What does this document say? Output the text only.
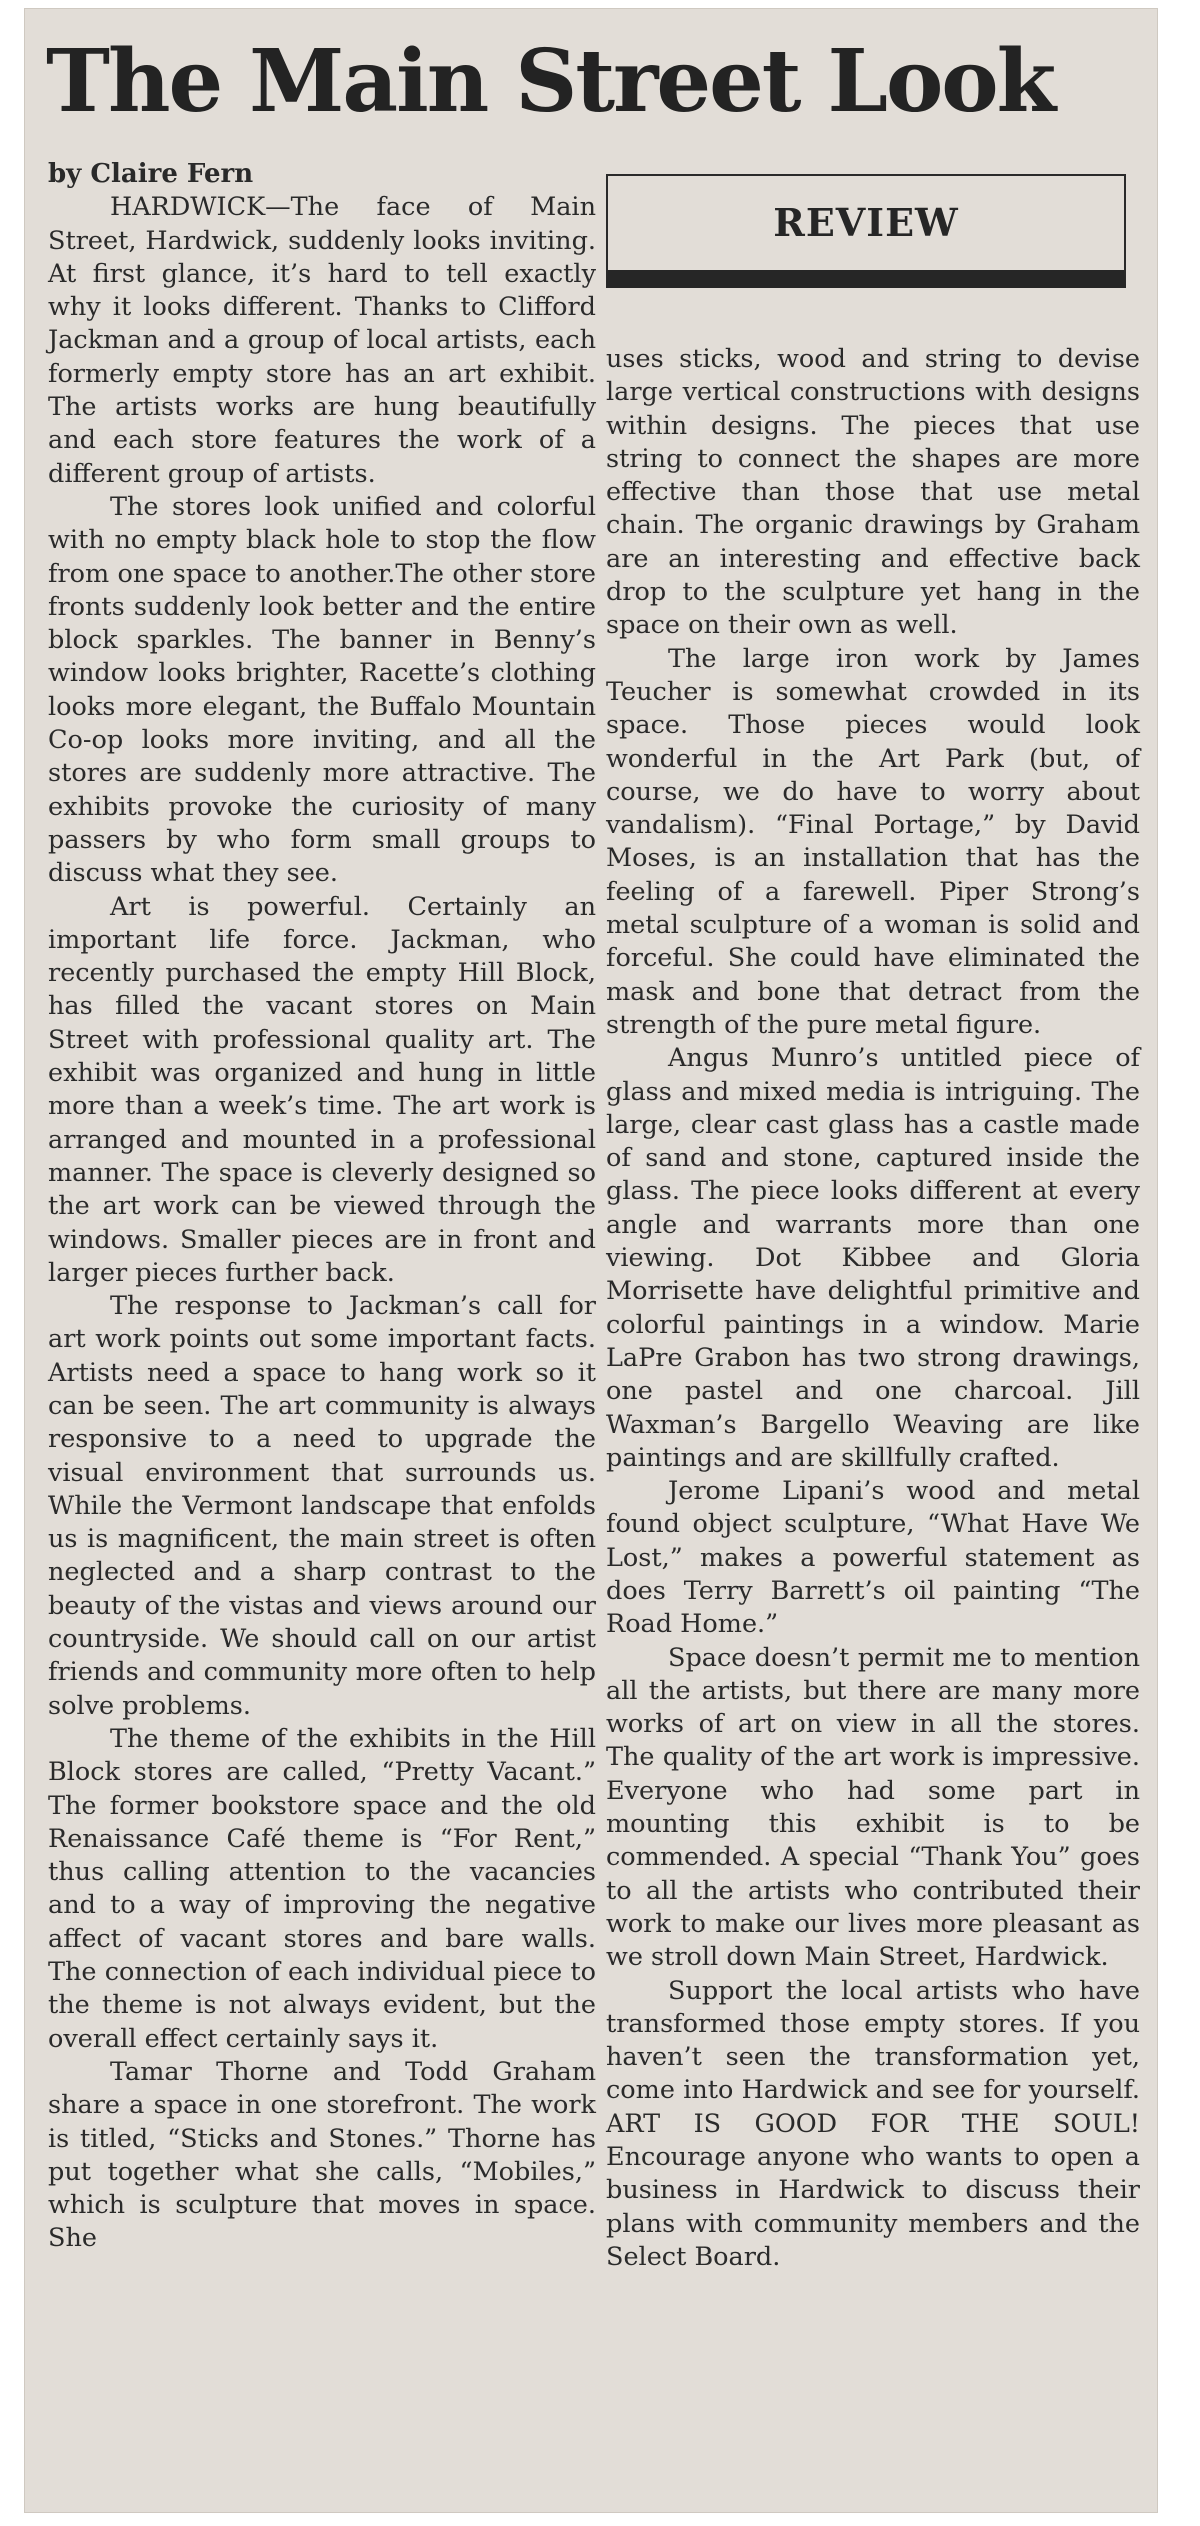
The Main Street Look
by Claire Fern

HARDWICK—The face of Main Street, Hardwick, suddenly looks inviting. At first glance, it’s hard to tell exactly why it looks different. Thanks to Clifford Jackman and a group of local artists, each formerly empty store has an art exhibit. The artists works are hung beautifully and each store features the work of a different group of artists.

The stores look unified and colorful with no empty black hole to stop the flow from one space to another.The other store fronts suddenly look better and the entire block sparkles. The banner in Benny’s window looks brighter, Racette’s clothing looks more elegant, the Buffalo Mountain Co-op looks more inviting, and all the stores are suddenly more attractive. The exhibits provoke the curiosity of many passers by who form small groups to discuss what they see.

Art is powerful. Certainly an important life force. Jackman, who recently purchased the empty Hill Block, has filled the vacant stores on Main Street with professional quality art. The exhibit was organized and hung in little more than a week’s time. The art work is arranged and mounted in a professional manner. The space is cleverly designed so the art work can be viewed through the windows. Smaller pieces are in front and larger pieces further back.

The response to Jackman’s call for art work points out some important facts. Artists need a space to hang work so it can be seen. The art community is always responsive to a need to upgrade the visual environment that surrounds us. While the Vermont landscape that enfolds us is magnificent, the main street is often neglected and a sharp contrast to the beauty of the vistas and views around our countryside. We should call on our artist friends and community more often to help solve problems.

The theme of the exhibits in the Hill Block stores are called, “Pretty Vacant.” The former bookstore space and the old Renaissance Café theme is “For Rent,” thus calling attention to the vacancies and to a way of improving the negative affect of vacant stores and bare walls. The connection of each individual piece to the theme is not always evident, but the overall effect certainly says it.

Tamar Thorne and Todd Graham share a space in one storefront. The work is titled, “Sticks and Stones.” Thorne has put together what she calls, “Mobiles,” which is sculpture that moves in space. She

REVIEW

uses sticks, wood and string to devise large vertical constructions with designs within designs. The pieces that use string to connect the shapes are more effective than those that use metal chain. The organic drawings by Graham are an interesting and effective back drop to the sculpture yet hang in the space on their own as well.

The large iron work by James Teucher is somewhat crowded in its space. Those pieces would look wonderful in the Art Park (but, of course, we do have to worry about vandalism). “Final Portage,” by David Moses, is an installation that has the feeling of a farewell. Piper Strong’s metal sculpture of a woman is solid and forceful. She could have eliminated the mask and bone that detract from the strength of the pure metal figure.

Angus Munro’s untitled piece of glass and mixed media is intriguing. The large, clear cast glass has a castle made of sand and stone, captured inside the glass. The piece looks different at every angle and warrants more than one viewing. Dot Kibbee and Gloria Morrisette have delightful primitive and colorful paintings in a window. Marie LaPre Grabon has two strong drawings, one pastel and one charcoal. Jill Waxman’s Bargello Weaving are like paintings and are skillfully crafted.

Jerome Lipani’s wood and metal found object sculpture, “What Have We Lost,” makes a powerful statement as does Terry Barrett’s oil painting “The Road Home.”

Space doesn’t permit me to mention all the artists, but there are many more works of art on view in all the stores. The quality of the art work is impressive. Everyone who had some part in mounting this exhibit is to be commended. A special “Thank You” goes to all the artists who contributed their work to make our lives more pleasant as we stroll down Main Street, Hardwick.

Support the local artists who have transformed those empty stores. If you haven’t seen the transformation yet, come into Hardwick and see for yourself. ART IS GOOD FOR THE SOUL! Encourage anyone who wants to open a business in Hardwick to discuss their plans with community members and the Select Board.
